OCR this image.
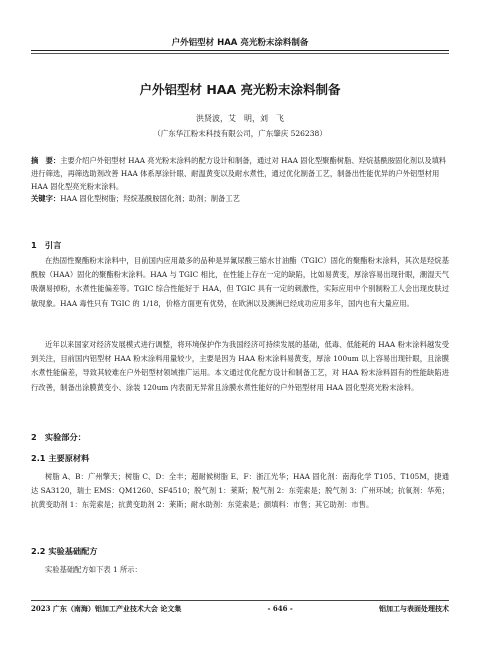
户外铝型材 HAA 亮光粉末涂料制备
户外铝型材 HAA 亮光粉末涂料制备
洪贤波，艾　明，刘　飞
（广东华江粉末科技有限公司，广东肇庆 526238）
摘　要：主要介绍户外铝型材 HAA 亮光粉末涂料的配方设计和制备，通过对 HAA 固化型聚酯树脂、羟烷基酰胺固化剂以及填料进行筛选，再筛选助剂改善 HAA 体系厚涂针眼、耐温黄变以及耐水煮性，通过优化制备工艺，制备出性能优异的户外铝型材用 HAA 固化型亮光粉末涂料。
关键字：HAA 固化型树脂；羟烷基酰胺固化剂；助剂；制备工艺
1　引言
在热固性聚酯粉末涂料中，目前国内应用最多的品种是异氰尿酸三缩水甘油酯（TGIC）固化的聚酯粉末涂料，其次是羟烷基酰胺（HAA）固化的聚酯粉末涂料。HAA 与 TGIC 相比，在性能上存在一定的缺陷，比如易黄变，厚涂容易出现针眼，潮湿天气吸潮易掉粉，水煮性能偏差等。TGIC 综合性能好于 HAA，但 TGIC 具有一定的刺激性，实际应用中个别制粉工人会出现皮肤过敏现象。HAA 毒性只有 TGIC 的 1/18，价格方面更有优势，在欧洲以及澳洲已经成功应用多年，国内也有大量应用。
近年以来国家对经济发展模式进行调整，将环境保护作为我国经济可持续发展的基础，低毒、低能耗的 HAA 粉末涂料越发受到关注，目前国内铝型材 HAA 粉末涂料用量较少，主要是因为 HAA 粉末涂料易黄变，厚涂 100um 以上容易出现针眼，且涂膜水煮性能偏差，导致其较难在户外铝型材领域推广运用。本文通过优化配方设计和制备工艺，对 HAA 粉末涂料固有的性能缺陷进行改善，制备出涂膜黄变小、涂装 120um 内表面无异常且涂膜水煮性能好的户外铝型材用 HAA 固化型亮光粉末涂料。
2　实验部分：
2.1 主要原材料
树脂 A、B：广州擎天；树脂 C、D：全丰；超耐候树脂 E、F：浙江光华；HAA 固化剂：南海化学 T105、T105M，捷通达 SA3120，瑞士 EMS：QM1260、SF4510；脱气剂 1：莱斯；脱气剂 2：东莞索是；脱气剂 3：广州环域；抗氧剂：华苑；抗黄变助剂 1：东莞索是；抗黄变助剂 2：莱斯；耐水助剂：东莞索是；颜填料：市售；其它助剂：市售。
2.2 实验基础配方
实验基础配方如下表 1 所示：
2023 广东（南海）铝加工产业技术大会 论文集	- 646 -	铝加工与表面处理技术
